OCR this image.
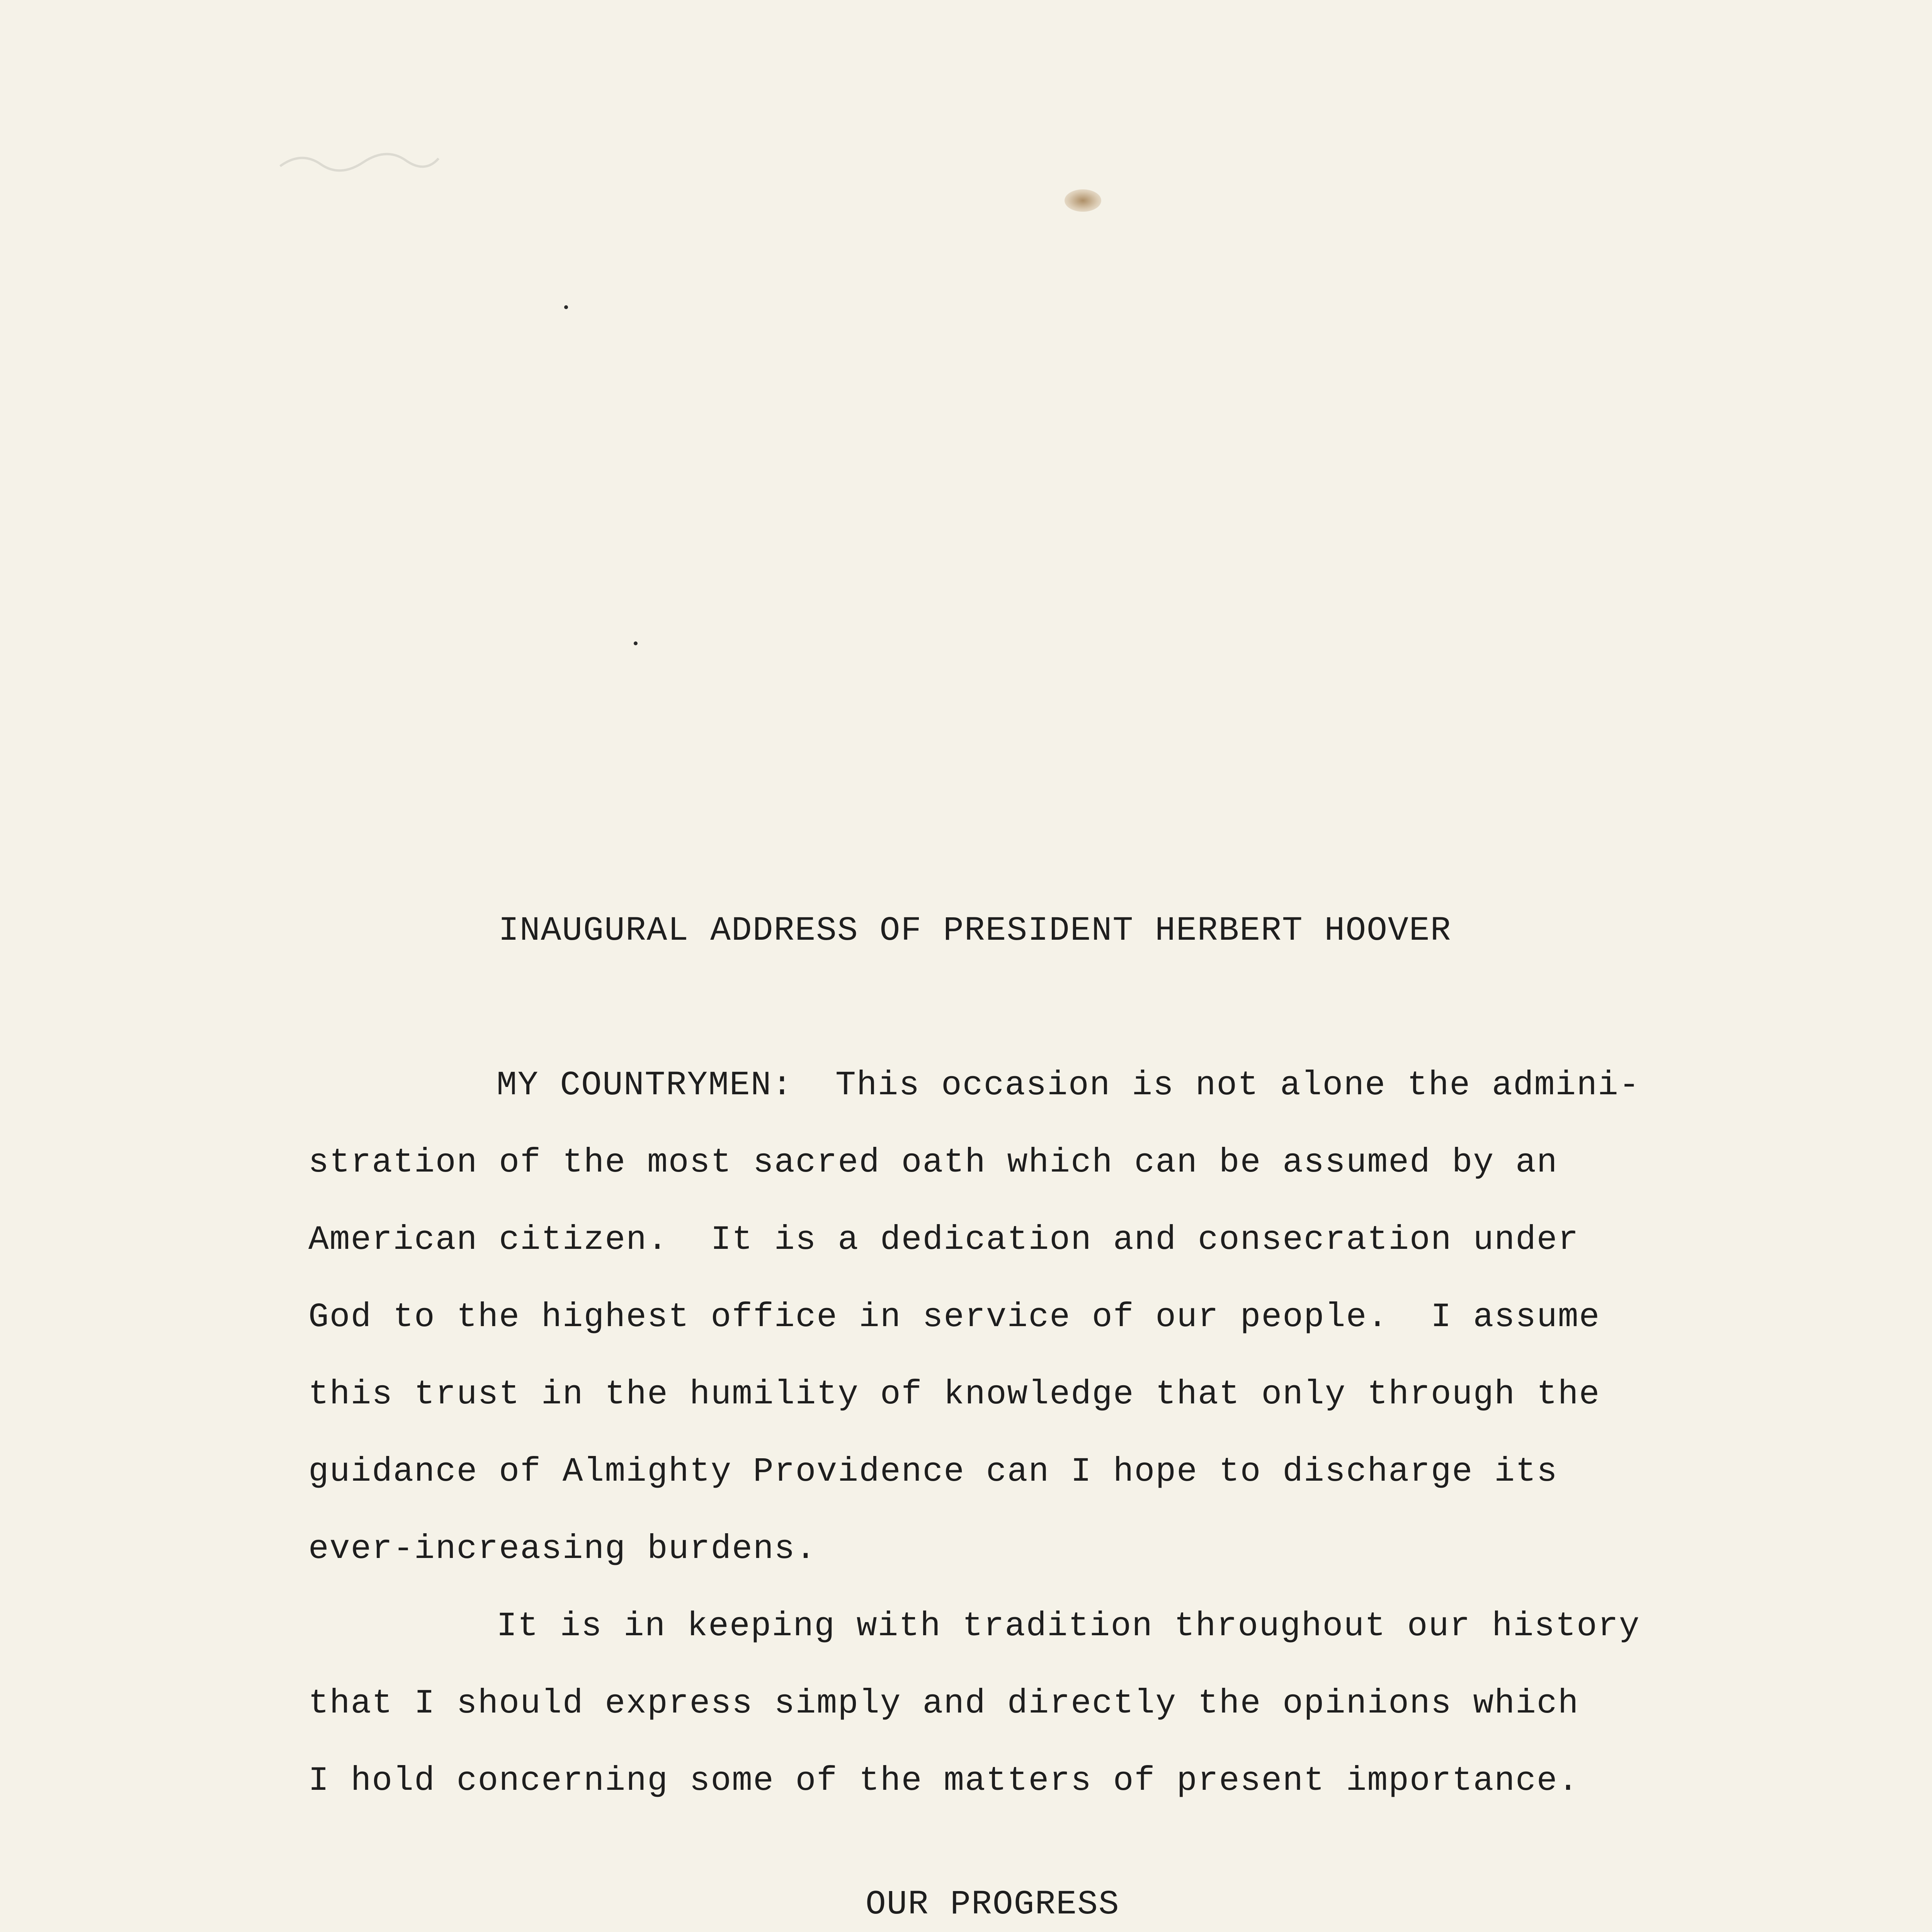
INAUGURAL ADDRESS OF PRESIDENT HERBERT HOOVER
MY COUNTRYMEN:  This occasion is not alone the admini-
stration of the most sacred oath which can be assumed by an
American citizen.  It is a dedication and consecration under
God to the highest office in service of our people.  I assume
this trust in the humility of knowledge that only through the
guidance of Almighty Providence can I hope to discharge its
ever-increasing burdens.
It is in keeping with tradition throughout our history
that I should express simply and directly the opinions which
I hold concerning some of the matters of present importance.
OUR PROGRESS
